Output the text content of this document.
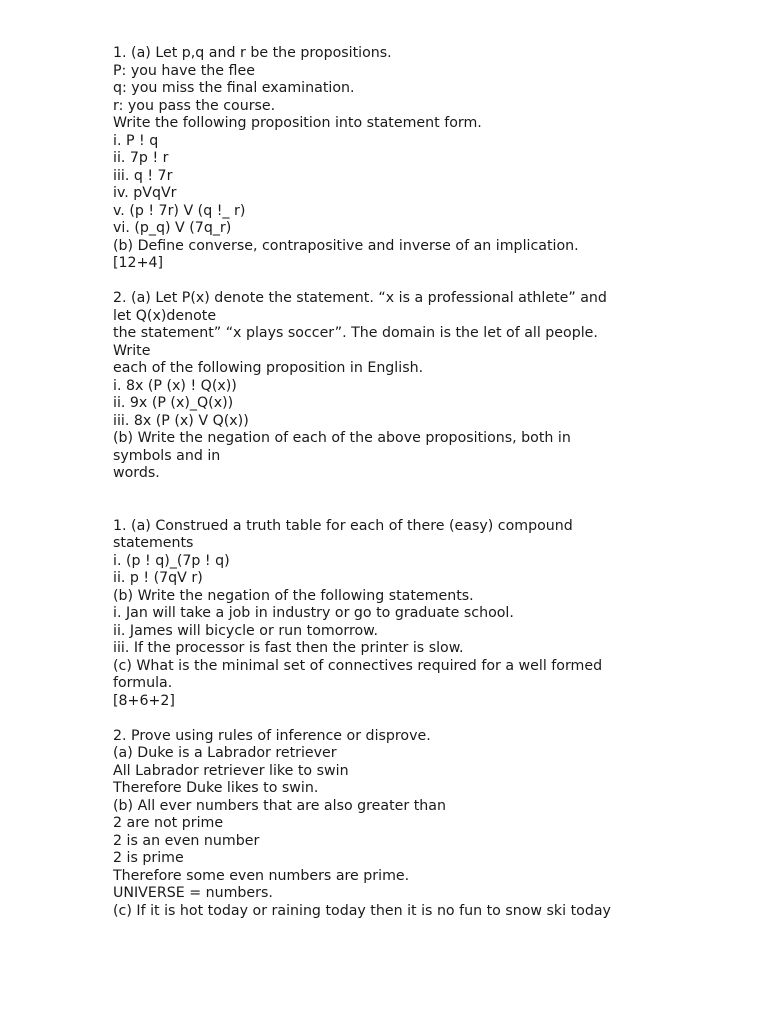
1. (a) Let p,q and r be the propositions.
P: you have the flee
q: you miss the final examination.
r: you pass the course.
Write the following proposition into statement form.
i. P ! q
ii. 7p ! r
iii. q ! 7r
iv. pVqVr
v. (p ! 7r) V (q !_ r)
vi. (p_q) V (7q_r)
(b) Define converse, contrapositive and inverse of an implication.
[12+4]
2. (a) Let P(x) denote the statement. “x is a professional athlete” and
let Q(x)denote
the statement” “x plays soccer”. The domain is the let of all people.
Write
each of the following proposition in English.
i. 8x (P (x) ! Q(x))
ii. 9x (P (x)_Q(x))
iii. 8x (P (x) V Q(x))
(b) Write the negation of each of the above propositions, both in
symbols and in
words.
1. (a) Construed a truth table for each of there (easy) compound
statements
i. (p ! q)_(7p ! q)
ii. p ! (7qV r)
(b) Write the negation of the following statements.
i. Jan will take a job in industry or go to graduate school.
ii. James will bicycle or run tomorrow.
iii. If the processor is fast then the printer is slow.
(c) What is the minimal set of connectives required for a well formed
formula.
[8+6+2]
2. Prove using rules of inference or disprove.
(a) Duke is a Labrador retriever
All Labrador retriever like to swin
Therefore Duke likes to swin.
(b) All ever numbers that are also greater than
2 are not prime
2 is an even number
2 is prime
Therefore some even numbers are prime.
UNIVERSE = numbers.
(c) If it is hot today or raining today then it is no fun to snow ski today
